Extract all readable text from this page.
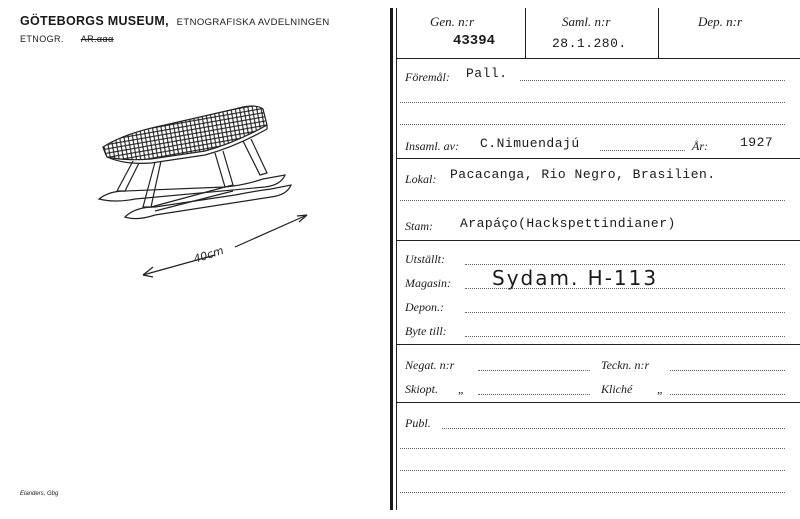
GÖTEBORGS MUSEUM, ETNOGRAFISKA AVDELNINGEN
ETNOGR. AR.ααα
40cm
Elanders, Gbg
Gen. n:r
43394
Saml. n:r
28.1.280.
Dep. n:r
Föremål: Pall.
Insaml. av: C.Nimuendajú	År: 1927
Lokal: Pacacanga, Rio Negro, Brasilien.
Stam: Arapáço(Hackspettindianer)
Utställt:
Magasin: Sydam. H-113
Depon.:
Byte till:
Negat. n:r	Teckn. n:r
Skiopt. „	Kliché „
Publ.
